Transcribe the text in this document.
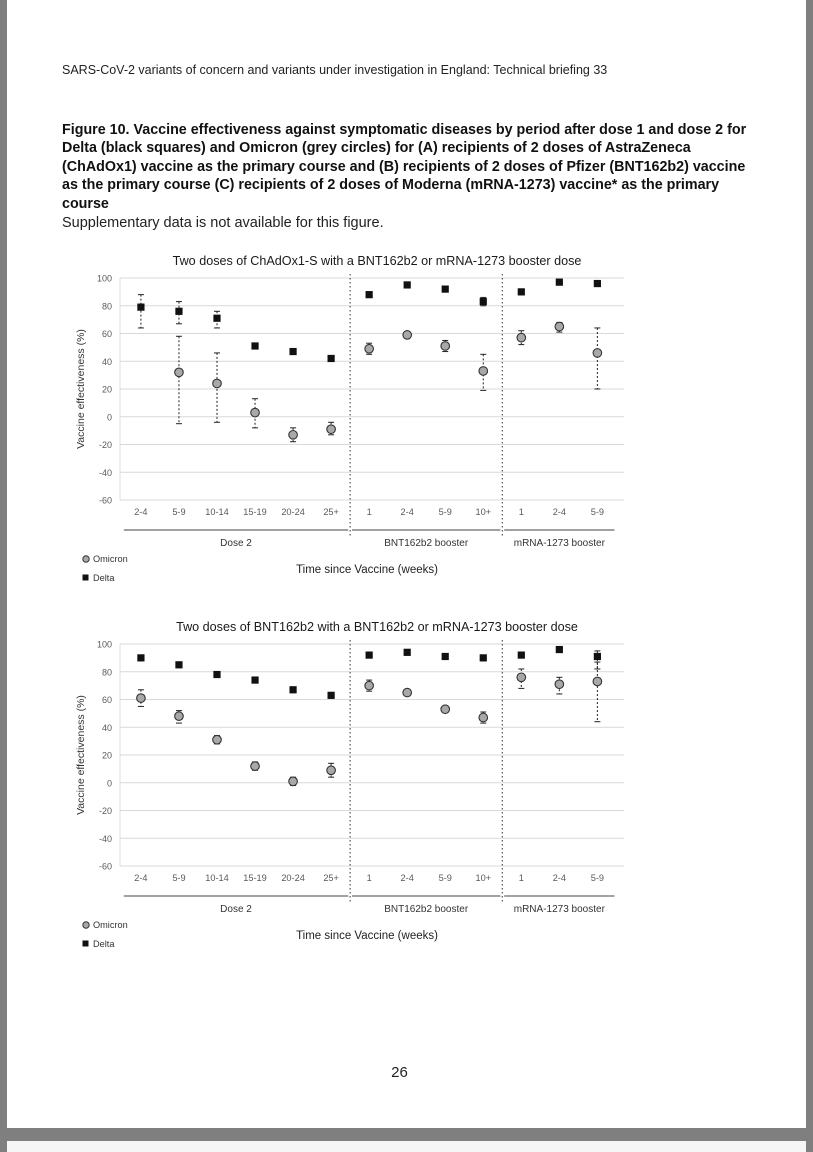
SARS-CoV-2 variants of concern and variants under investigation in England: Technical briefing 33
Figure 10. Vaccine effectiveness against symptomatic diseases by period after dose 1 and dose 2 for Delta (black squares) and Omicron (grey circles) for (A) recipients of 2 doses of AstraZeneca (ChAdOx1) vaccine as the primary course and (B) recipients of 2 doses of Pfizer (BNT162b2) vaccine as the primary course (C) recipients of 2 doses of Moderna (mRNA-1273) vaccine* as the primary course
Supplementary data is not available for this figure.
Two doses of ChAdOx1-S with a BNT162b2 or mRNA-1273 booster dose
100
80
60
40
20
0
-20
-40
-60
Vaccine effectiveness (%)
Dose 2	BNT162b2 booster	mRNA-1273 booster
2-4	5-9 10-14 15-19 20-24 25+	1	2-4	5-9	10+	1	2-4	5-9
Omicron
Delta
Time since Vaccine (weeks)
Two doses of BNT162b2 with a BNT162b2 or mRNA-1273 booster dose
100
80
60
40
20
0
-20
-40
-60
Vaccine effectiveness (%)
Dose 2	BNT162b2 booster	mRNA-1273 booster
2-4	5-9 10-14 15-19 20-24 25+	1	2-4	5-9	10+	1	2-4	5-9
Omicron
Delta
Time since Vaccine (weeks)
26
